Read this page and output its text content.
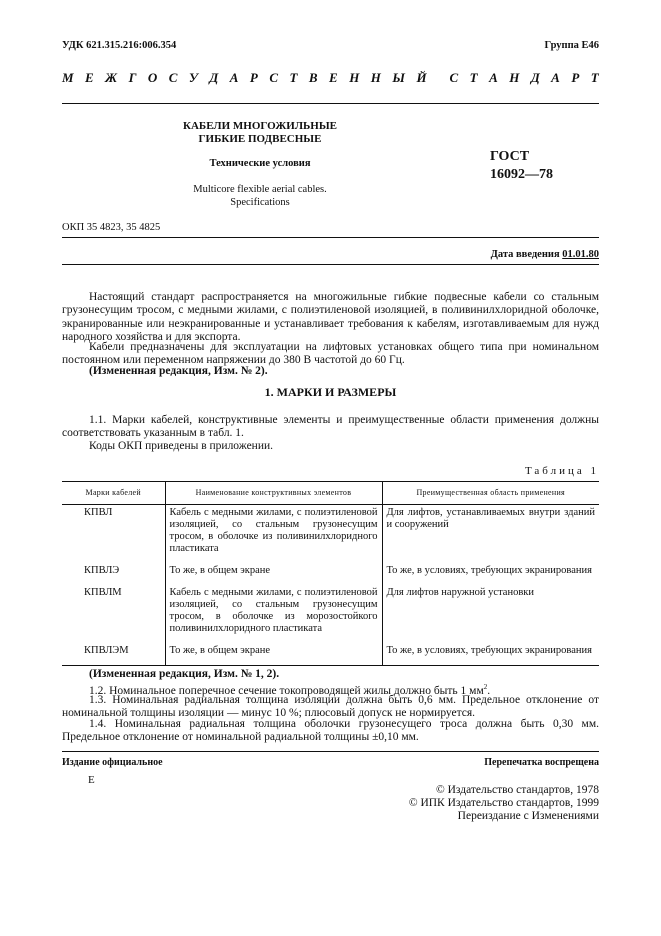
УДК 621.315.216:006.354	Группа Е46
М Е Ж Г О С У Д А Р С Т В Е Н Н Ы Й С Т А Н Д А Р Т
КАБЕЛИ МНОГОЖИЛЬНЫЕ
ГИБКИЕ ПОДВЕСНЫЕ
Технические условия
Multicore flexible aerial cables.
Specifications
ГОСТ
16092—78
ОКП 35 4823, 35 4825
Дата введения 01.01.80
Настоящий стандарт распространяется на многожильные гибкие подвесные кабели со стальным грузонесущим тросом, с медными жилами, с полиэтиленовой изоляцией, в поливинилхлоридной оболочке, экранированные или неэкранированные и устанавливает требования к кабелям, изготавливаемым для нужд народного хозяйства и для экспорта.
Кабели предназначены для эксплуатации на лифтовых установках общего типа при номинальном постоянном или переменном напряжении до 380 В частотой до 60 Гц.
(Измененная редакция, Изм. № 2).
1. МАРКИ И РАЗМЕРЫ
1.1. Марки кабелей, конструктивные элементы и преимущественные области применения должны соответствовать указанным в табл. 1.
Коды ОКП приведены в приложении.
Таблица 1
Марки кабелей	Наименование конструктивных элементов	Преимущественная область применения
КПВЛ	Кабель с медными жилами, с полиэтиленовой изоляцией, со стальным грузонесущим тросом, в оболочке из поливинилхлоридного пластиката	Для лифтов, устанавливаемых внутри зданий и сооружений
КПВЛЭ	То же, в общем экране	То же, в условиях, требующих экранирования
КПВЛМ	Кабель с медными жилами, с полиэтиленовой изоляцией, со стальным грузонесущим тросом, в оболочке из морозостойкого поливинилхлоридного пластиката	Для лифтов наружной установки
КПВЛЭМ	То же, в общем экране	То же, в условиях, требующих экранирования
(Измененная редакция, Изм. № 1, 2).
1.2. Номинальное поперечное сечение токопроводящей жилы должно быть 1 $мм^2$.
1.3. Номинальная радиальная толщина изоляции должна быть 0,6 мм. Предельное отклонение от номинальной толщины изоляции — минус 10 %; плюсовый допуск не нормируется.
1.4. Номинальная радиальная толщина оболочки грузонесущего троса должна быть 0,30 мм. Предельное отклонение от номинальной радиальной толщины ±0,10 мм.
Издание официальное	Перепечатка воспрещена
Е
© Издательство стандартов, 1978
© ИПК Издательство стандартов, 1999
Переиздание с Изменениями
